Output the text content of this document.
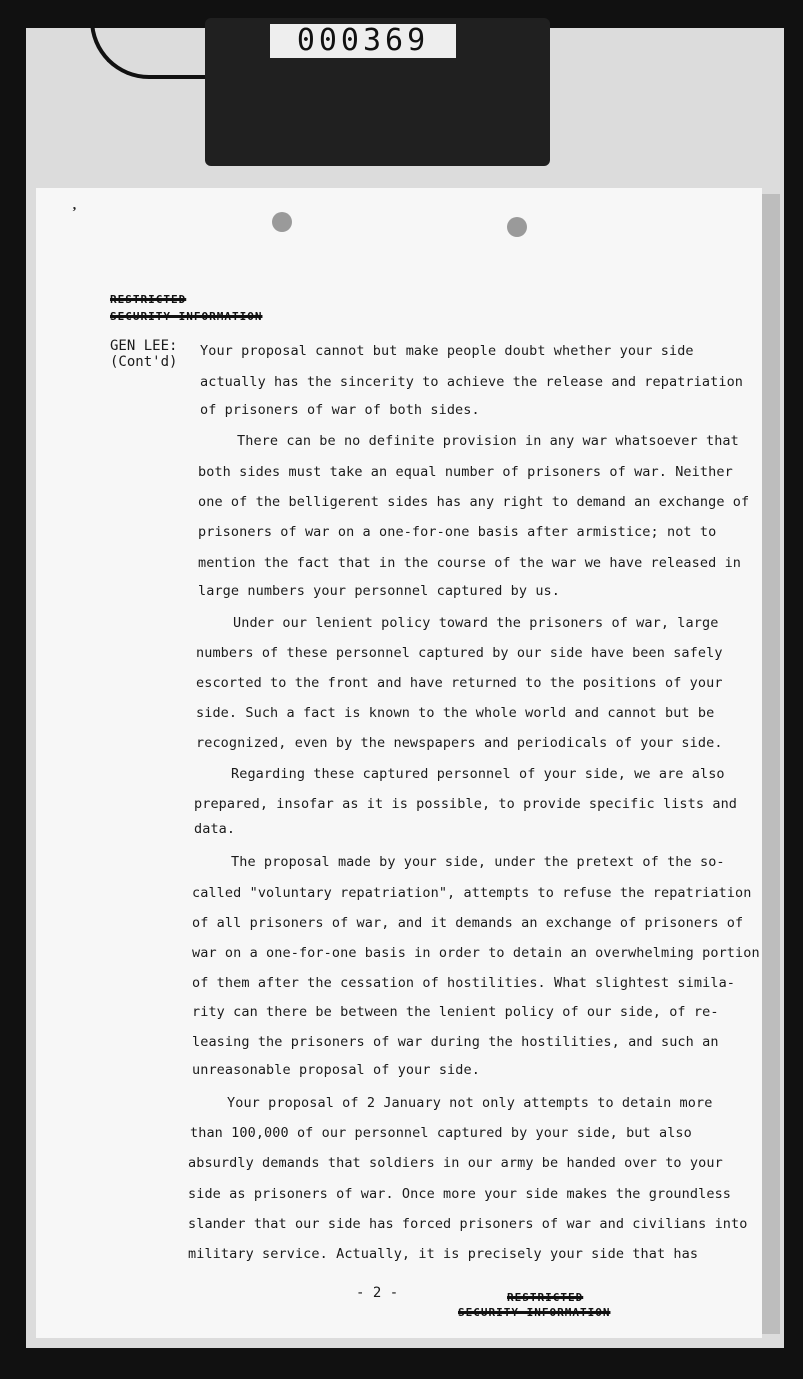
000369
ʼ
RESTRICTED
SECURITY INFORMATION
GEN LEE:
(Cont'd)
Your proposal cannot but make people doubt whether your side
actually has the sincerity to achieve the release and repatriation
of prisoners of war of both sides.
There can be no definite provision in any war whatsoever that
both sides must take an equal number of prisoners of war. Neither
one of the belligerent sides has any right to demand an exchange of
prisoners of war on a one-for-one basis after armistice; not to
mention the fact that in the course of the war we have released in
large numbers your personnel captured by us.
Under our lenient policy toward the prisoners of war, large
numbers of these personnel captured by our side have been safely
escorted to the front and have returned to the positions of your
side. Such a fact is known to the whole world and cannot but be
recognized, even by the newspapers and periodicals of your side.
Regarding these captured personnel of your side, we are also
prepared, insofar as it is possible, to provide specific lists and
data.
The proposal made by your side, under the pretext of the so-
called "voluntary repatriation", attempts to refuse the repatriation
of all prisoners of war, and it demands an exchange of prisoners of
war on a one-for-one basis in order to detain an overwhelming portion
of them after the cessation of hostilities. What slightest simila-
rity can there be between the lenient policy of our side, of re-
leasing the prisoners of war during the hostilities, and such an
unreasonable proposal of your side.
Your proposal of 2 January not only attempts to detain more
than 100,000 of our personnel captured by your side, but also
absurdly demands that soldiers in our army be handed over to your
side as prisoners of war. Once more your side makes the groundless
slander that our side has forced prisoners of war and civilians into
military service. Actually, it is precisely your side that has
- 2 -	RESTRICTED
SECURITY INFORMATION
